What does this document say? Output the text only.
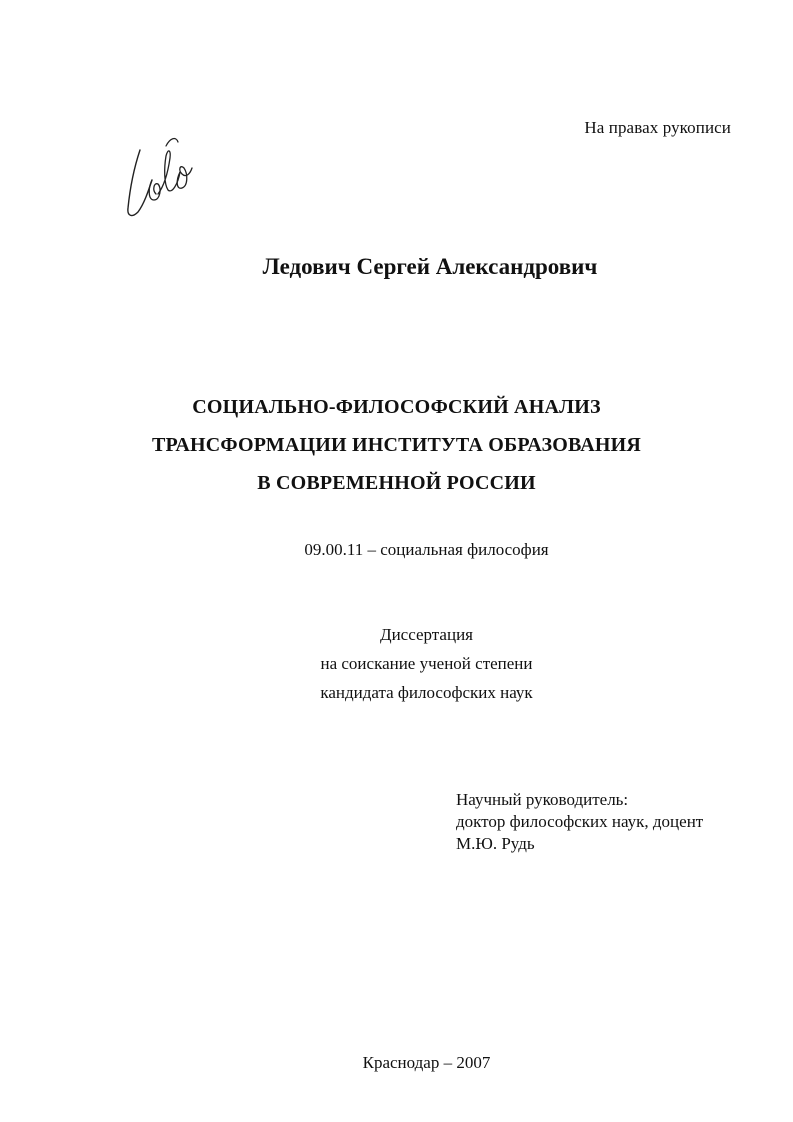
На правах рукописи
Ледович Сергей Александрович
СОЦИАЛЬНО-ФИЛОСОФСКИЙ АНАЛИЗ
ТРАНСФОРМАЦИИ ИНСТИТУТА ОБРАЗОВАНИЯ
В СОВРЕМЕННОЙ РОССИИ
09.00.11 – социальная философия
Диссертация
на соискание ученой степени
кандидата философских наук
Научный руководитель:
доктор философских наук, доцент
М.Ю. Рудь
Краснодар – 2007
